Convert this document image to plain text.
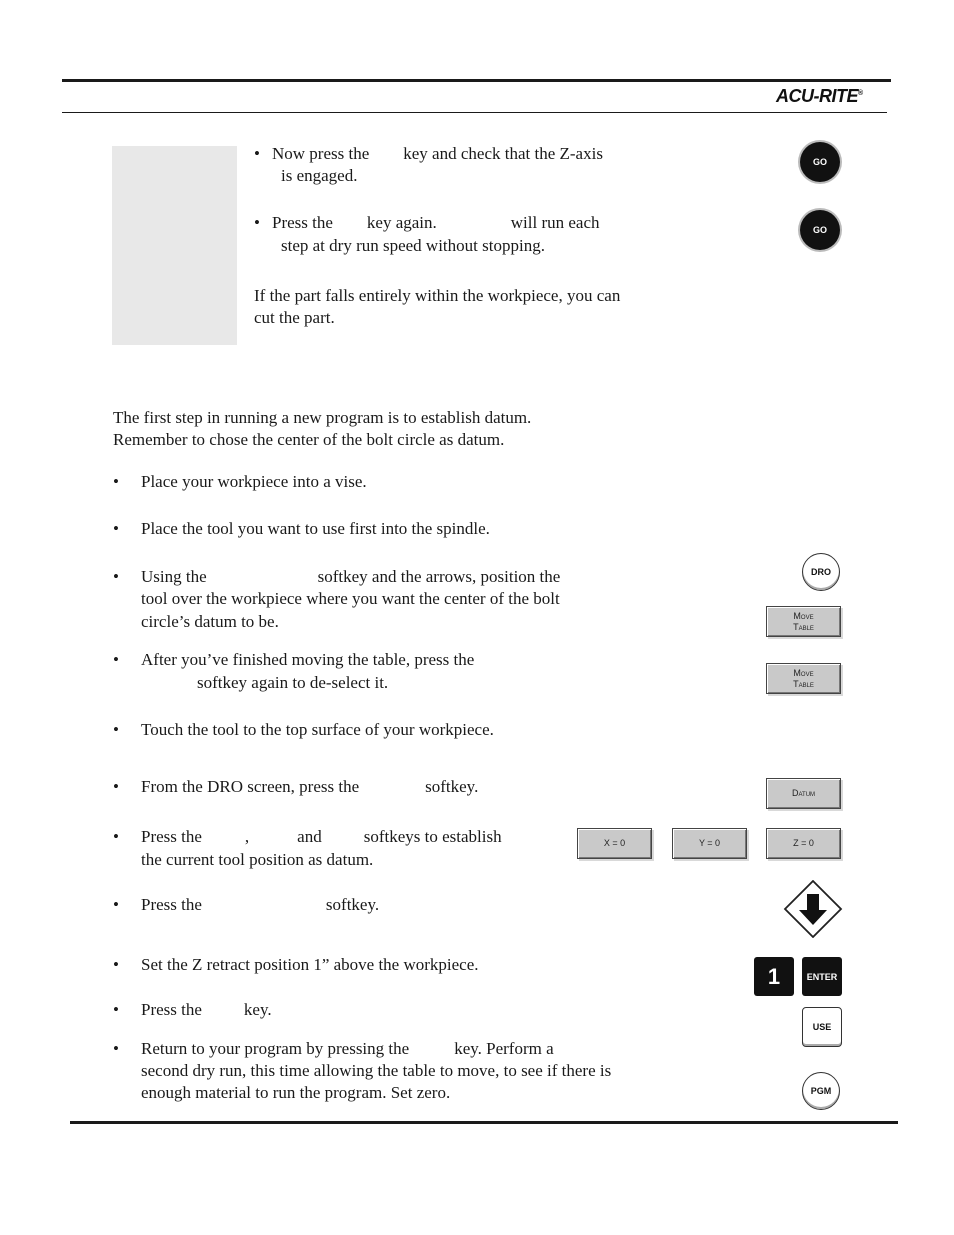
ACU-RITE®
• Now press the key and check that the Z-axis
is engaged.
• Press the key again.	will run each
step at dry run speed without stopping.
If the part falls entirely within the workpiece, you can
cut the part.
GO
GO
The first step in running a new program is to establish datum.
Remember to chose the center of the bolt circle as datum.
• Place your workpiece into a vise.
• Place the tool you want to use first into the spindle.
• Using the	softkey and the arrows, position the
tool over the workpiece where you want the center of the bolt
circle’s datum to be.
• After you’ve finished moving the table, press the
softkey again to de-select it.
• Touch the tool to the top surface of your workpiece.
• From the DRO screen, press the	softkey.
• Press the	,	and softkeys to establish
the current tool position as datum.
• Press the	softkey.
• Set the Z retract position 1” above the workpiece.
• Press the key.
• Return to your program by pressing the	key. Perform a
second dry run, this time allowing the table to move, to see if there is
enough material to run the program. Set zero.
DRO
Move
Table
Move
Table
Datum
X = 0	Y = 0	Z = 0
1	ENTER
USE
PGM
